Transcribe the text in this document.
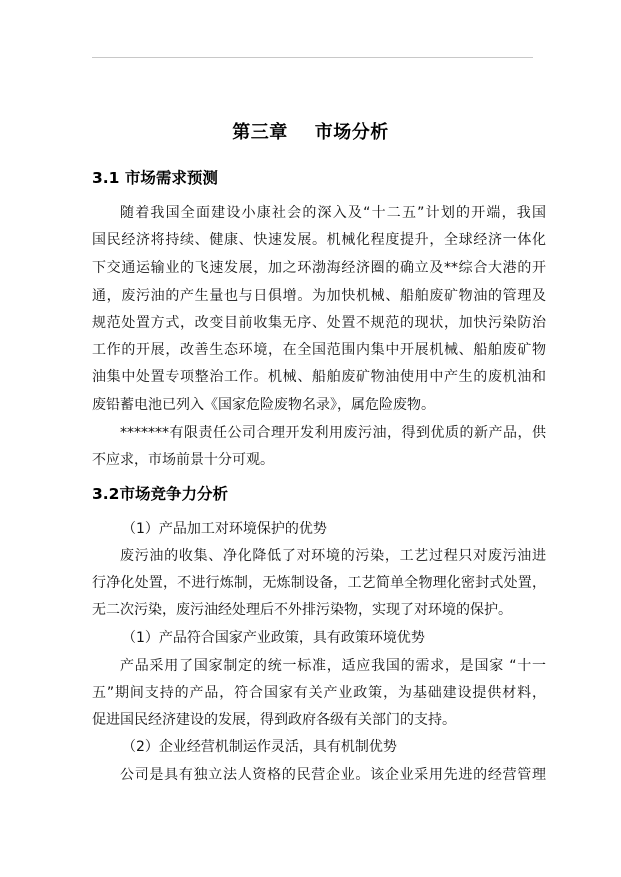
第三章    市场分析
3.1 市场需求预测
随着我国全面建设小康社会的深入及“十二五”计划的开端，我国
国民经济将持续、健康、快速发展。机械化程度提升，全球经济一体化
下交通运输业的飞速发展，加之环渤海经济圈的确立及**综合大港的开
通，废污油的产生量也与日俱增。为加快机械、船舶废矿物油的管理及
规范处置方式，改变目前收集无序、处置不规范的现状，加快污染防治
工作的开展，改善生态环境，在全国范围内集中开展机械、船舶废矿物
油集中处置专项整治工作。机械、船舶废矿物油使用中产生的废机油和
废铅蓄电池已列入《国家危险废物名录》，属危险废物。
*******有限责任公司合理开发利用废污油，得到优质的新产品，供
不应求，市场前景十分可观。
3.2市场竞争力分析
（1）产品加工对环境保护的优势
废污油的收集、净化降低了对环境的污染，工艺过程只对废污油进
行净化处置，不进行炼制，无炼制设备，工艺简单全物理化密封式处置，
无二次污染，废污油经处理后不外排污染物，实现了对环境的保护。
（1）产品符合国家产业政策，具有政策环境优势
产品采用了国家制定的统一标准，适应我国的需求，是国家 “十一
五”期间支持的产品，符合国家有关产业政策，为基础建设提供材料，
促进国民经济建设的发展，得到政府各级有关部门的支持。
（2）企业经营机制运作灵活，具有机制优势
公司是具有独立法人资格的民营企业。该企业采用先进的经营管理
